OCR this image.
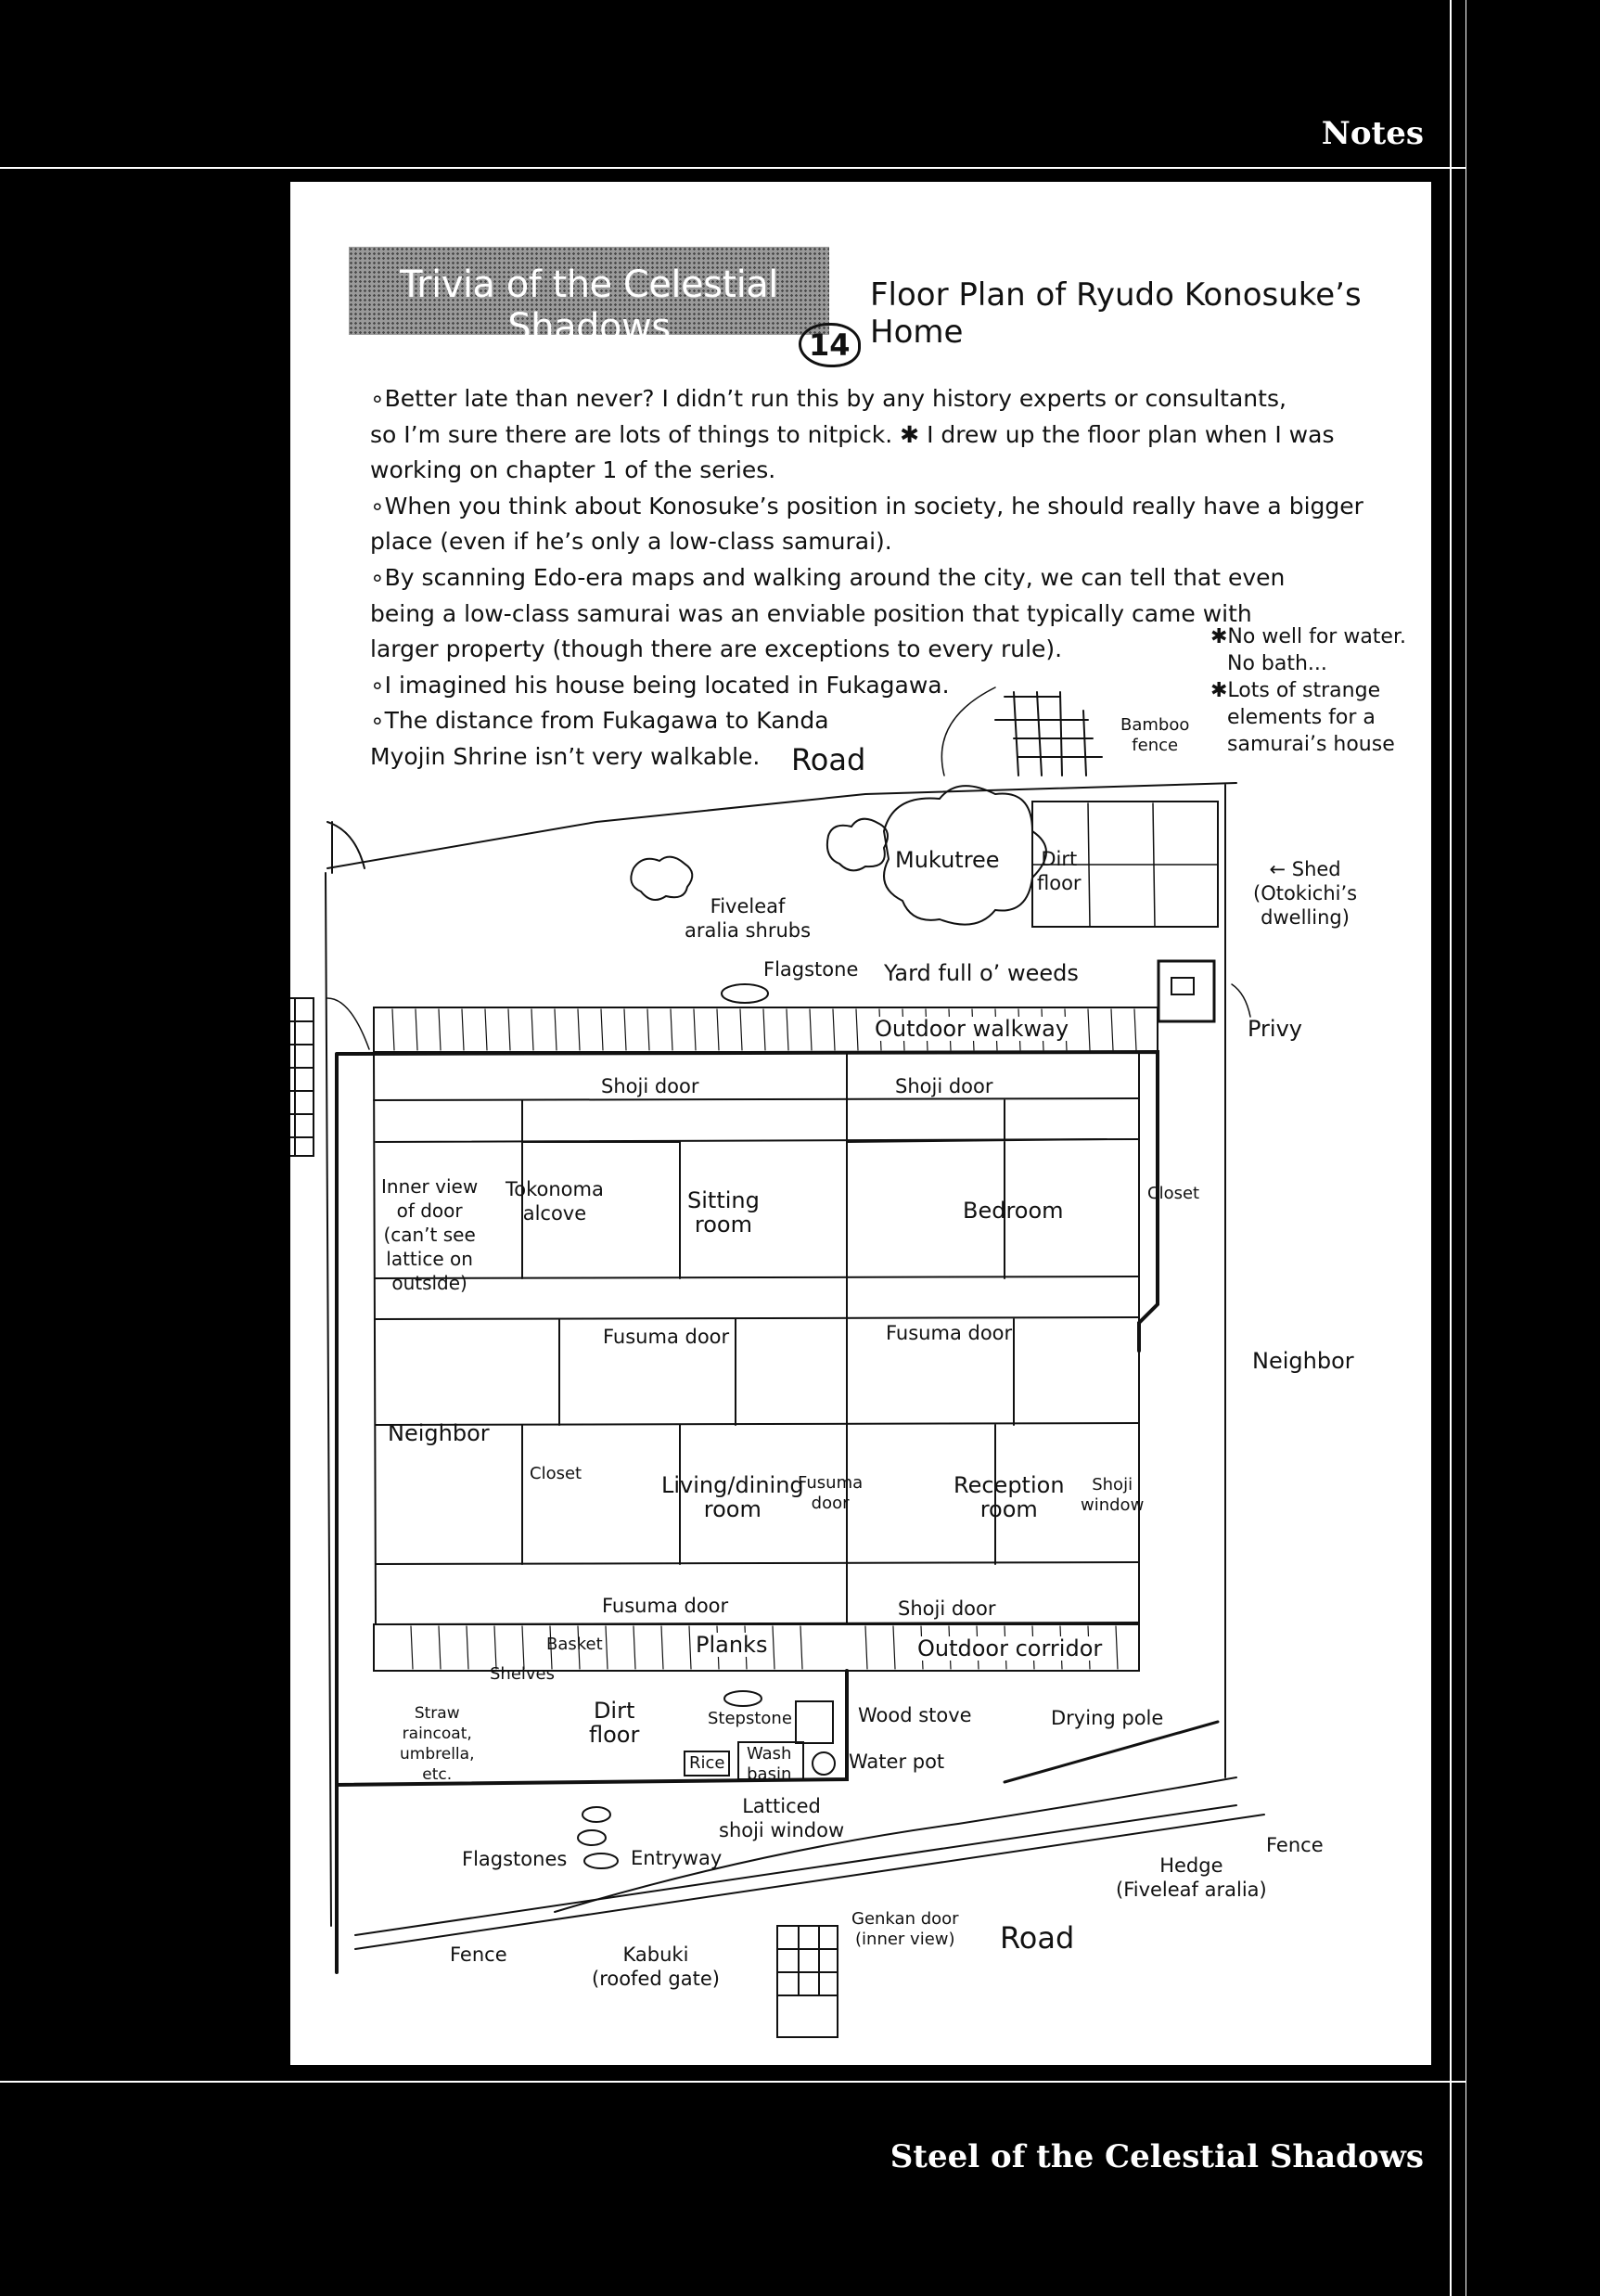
Notes
Steel of the Celestial Shadows
Trivia of the Celestial Shadows	14
Floor Plan of Ryudo Konosuke’s Home
∘Better late than never? I didn’t run this by any history experts or consultants,
so I’m sure there are lots of things to nitpick. ✱ I drew up the floor plan when I was
working on chapter 1 of the series.
∘When you think about Konosuke’s position in society, he should really have a bigger
place (even if he’s only a low-class samurai).
∘By scanning Edo-era maps and walking around the city, we can tell that even
being a low-class samurai was an enviable position that typically came with
larger property (though there are exceptions to every rule).
∘I imagined his house being located in Fukagawa.
∘The distance from Fukagawa to Kanda
Myojin Shrine isn’t very walkable.
✱No well for water.
No bath...
✱Lots of strange
elements for a
samurai’s house
Road
Bamboo
fence
Mukutree Dirt
floor
← Shed
(Otokichi’s
dwelling)
Fiveleaf
aralia shrubs
Flagstone Yard full o’ weeds
Privy
Outdoor walkway
Shoji door	Shoji door
Inner view
of door
(can’t see
lattice on
outside)
Tokonoma
alcove	Sitting
room
Bedroom
Closet
Fusuma door	Fusuma door
Neighbor
Neighbor
Closet	Living/dining
room
Fusuma
door
Reception
room
Shoji
window
Fusuma door	Shoji door
Basket	Planks	Outdoor corridor
Shelves
Dirt
floor
Stepstone	Wood stove	Drying pole
Straw
raincoat,
umbrella,
etc.
Rice Wash
basin
Water pot
Latticed
shoji window
Flagstones	Entryway	Hedge
(Fiveleaf aralia)
Fence
Genkan door
(inner view) Road
Fence	Kabuki
(roofed gate)
